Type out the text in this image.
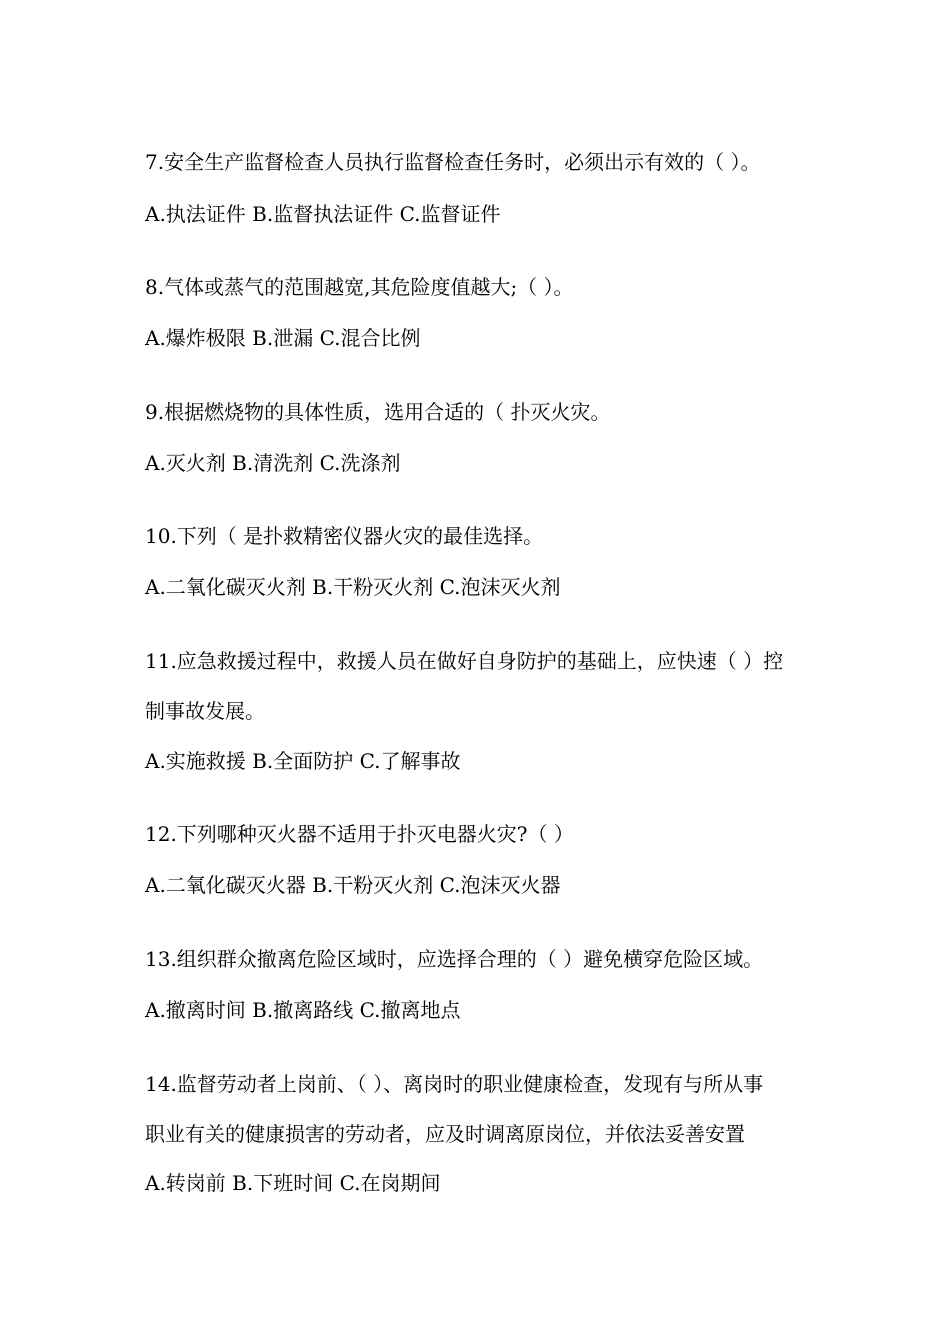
7.安全生产监督检查人员执行监督检查任务时，必须出示有效的（ ）。
A.执法证件 B.监督执法证件 C.监督证件
8.气体或蒸气的范围越宽,其危险度值越大;（ ）。
A.爆炸极限 B.泄漏 C.混合比例
9.根据燃烧物的具体性质，选用合适的（ 扑灭火灾。
A.灭火剂 B.清洗剂 C.洗涤剂
10.下列（ 是扑救精密仪器火灾的最佳选择。
A.二氧化碳灭火剂 B.干粉灭火剂 C.泡沫灭火剂
11.应急救援过程中，救援人员在做好自身防护的基础上，应快速（ ）控
制事故发展。
A.实施救援 B.全面防护 C.了解事故
12.下列哪种灭火器不适用于扑灭电器火灾?（ ）
A.二氧化碳灭火器 B.干粉灭火剂 C.泡沫灭火器
13.组织群众撤离危险区域时，应选择合理的（ ）避免横穿危险区域。
A.撤离时间 B.撤离路线 C.撤离地点
14.监督劳动者上岗前、（ ）、离岗时的职业健康检查，发现有与所从事
职业有关的健康损害的劳动者，应及时调离原岗位，并依法妥善安置
A.转岗前 B.下班时间 C.在岗期间
